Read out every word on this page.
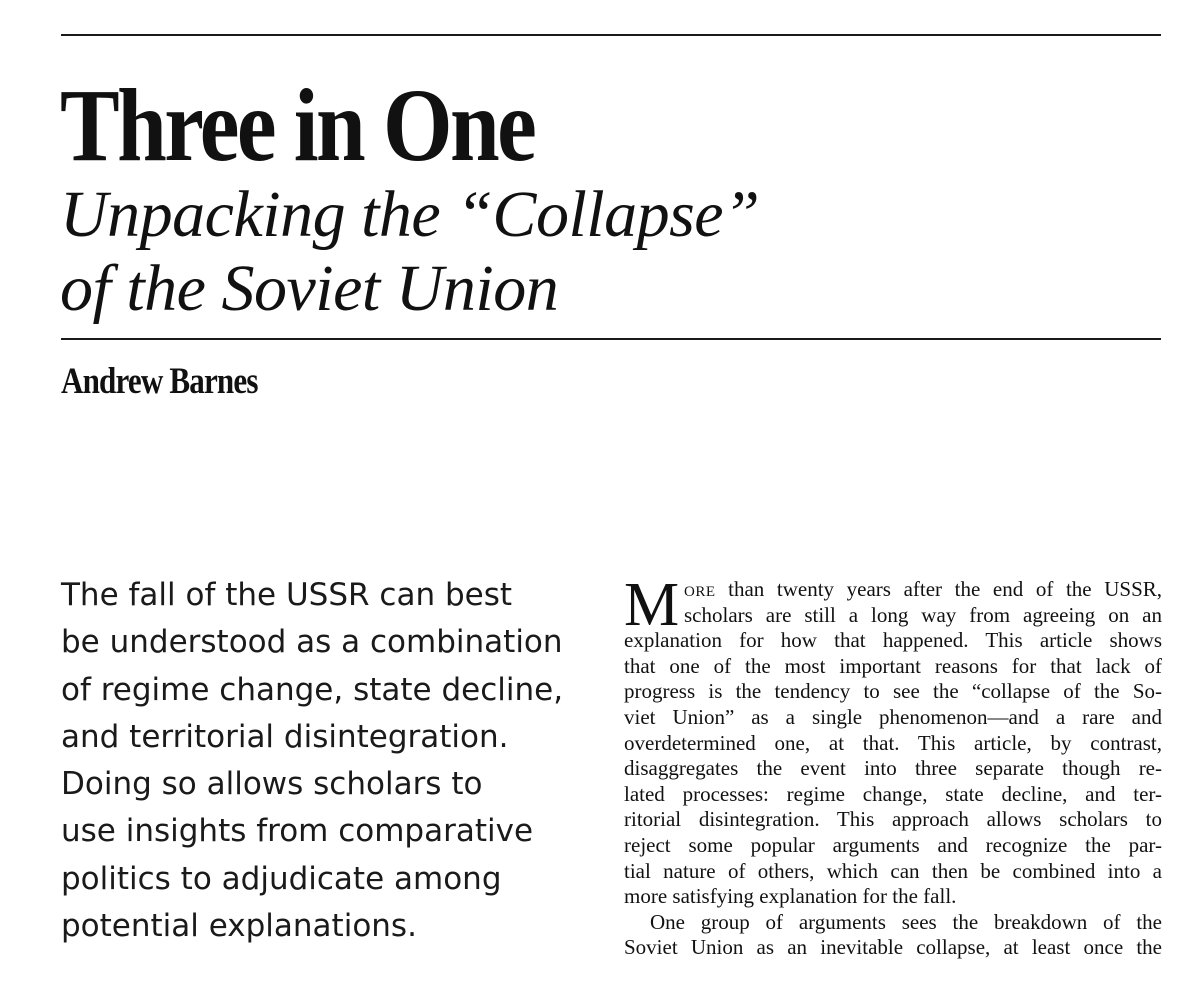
Three in One
Unpacking the “Collapse”
of the Soviet Union
Andrew Barnes

The fall of the USSR can best
be understood as a combination
of regime change, state decline,
and territorial disintegration.
Doing so allows scholars to
use insights from comparative
politics to adjudicate among
potential explanations.

M ORE than twenty years after the end of the USSR,
scholars are still a long way from agreeing on an
explanation for how that happened. This article shows
that one of the most important reasons for that lack of
progress is the tendency to see the “collapse of the So-
viet Union” as a single phenomenon—and a rare and
overdetermined one, at that. This article, by contrast,
disaggregates the event into three separate though re-
lated processes: regime change, state decline, and ter-
ritorial disintegration. This approach allows scholars to
reject some popular arguments and recognize the par-
tial nature of others, which can then be combined into a
more satisfying explanation for the fall.
One group of arguments sees the breakdown of the
Soviet Union as an inevitable collapse, at least once the
